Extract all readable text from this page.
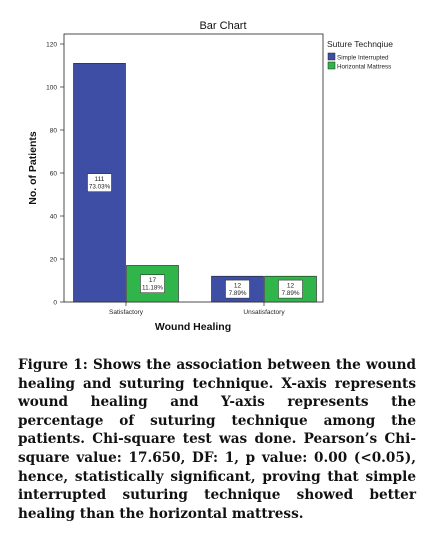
Bar Chart
0
20
40
60
80
100
120
Satisfactory	Unsatisfactory
111
73.03%
17
11.18%	12
7.89%
12
7.89%
No. of Patients
Wound Healing
Suture Technqiue
Simple Interrupted
Horizontal Mattress

Figure 1: Shows the association between the wound healing and suturing technique. X-axis represents wound healing and Y-axis represents the percentage of suturing technique among the patients. Chi-square test was done. Pearson’s Chi-square value: 17.650, DF: 1, p value: 0.00 (<0.05), hence, statistically significant, proving that simple interrupted suturing technique showed better healing than the horizontal mattress.
